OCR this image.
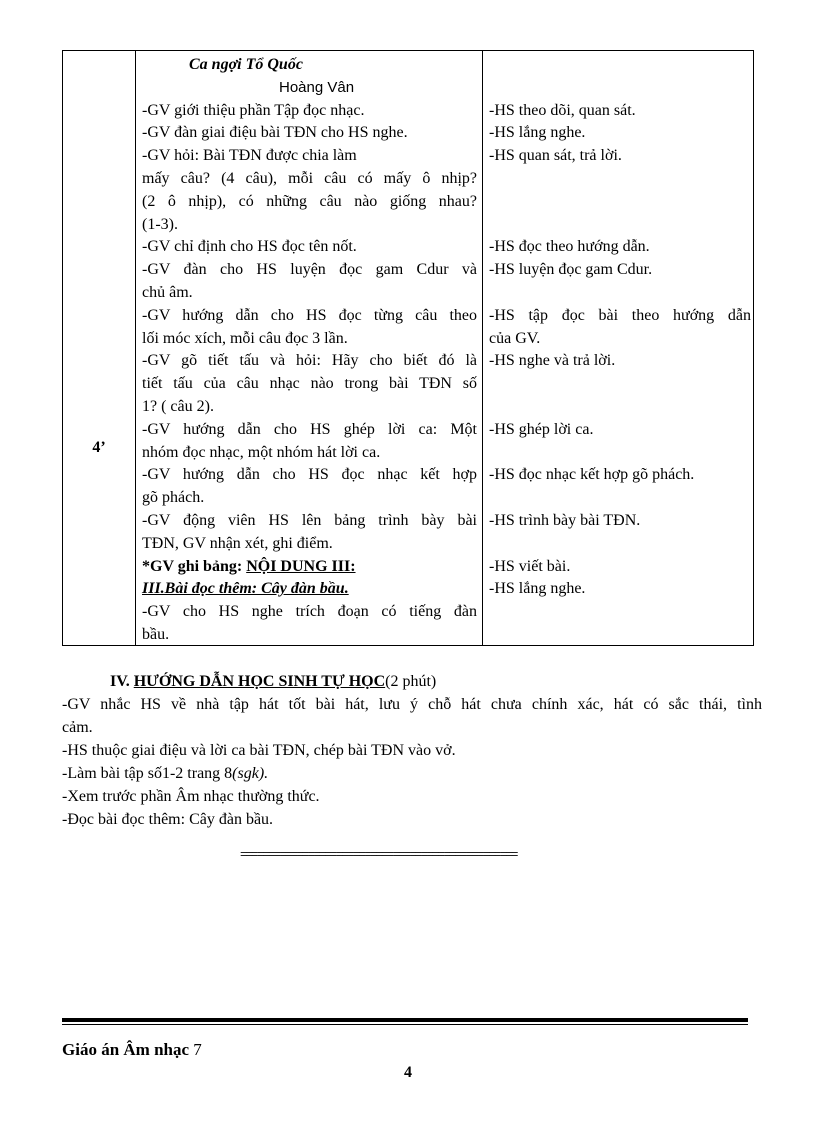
4’
Ca ngợi Tổ Quốc
Hoàng Vân
-GV giới thiệu phần Tập đọc nhạc.
-GV đàn giai điệu bài TĐN cho HS nghe.
-GV hỏi: Bài TĐN được chia làm
mấy câu? (4 câu), mỗi câu có mấy ô nhịp?
(2 ô nhịp), có những câu nào giống nhau?
(1-3).
-GV chỉ định cho HS đọc tên nốt.
-GV đàn cho HS luyện đọc gam Cdur và
chủ âm.
-GV hướng dẫn cho HS đọc từng câu theo
lối móc xích, mỗi câu đọc 3 lần.
-GV gõ tiết tấu và hỏi: Hãy cho biết đó là
tiết tấu của câu nhạc nào trong bài TĐN số
1? ( câu 2).
-GV hướng dẫn cho HS ghép lời ca: Một
nhóm đọc nhạc, một nhóm hát lời ca.
-GV hướng dẫn cho HS đọc nhạc kết hợp
gõ phách.
-GV động viên HS lên bảng trình bày bài
TĐN, GV nhận xét, ghi điểm.
*GV ghi bảng: NỘI DUNG III:
III.Bài đọc thêm: Cây đàn bầu.
-GV cho HS nghe trích đoạn có tiếng đàn
bầu.
-HS theo dõi, quan sát.
-HS lắng nghe.
-HS quan sát, trả lời.
-HS đọc theo hướng dẫn.
-HS luyện đọc gam Cdur.
-HS tập đọc bài theo hướng dẫn
của GV.
-HS nghe và trả lời.
-HS ghép lời ca.
-HS đọc nhạc kết hợp gõ phách.
-HS trình bày bài TĐN.
-HS viết bài.
-HS lắng nghe.
IV. HƯỚNG DẪN HỌC SINH TỰ HỌC(2 phút)
-GV nhắc HS về nhà tập hát tốt bài hát, lưu ý chỗ hát chưa chính xác, hát có sắc thái, tình
cảm.
-HS thuộc giai điệu và lời ca bài TĐN, chép bài TĐN vào vở.
-Làm bài tập số1-2 trang 8(sgk).
-Xem trước phần Âm nhạc thường thức.
-Đọc bài đọc thêm: Cây đàn bầu.
=================================================
Giáo án Âm nhạc 7
4
